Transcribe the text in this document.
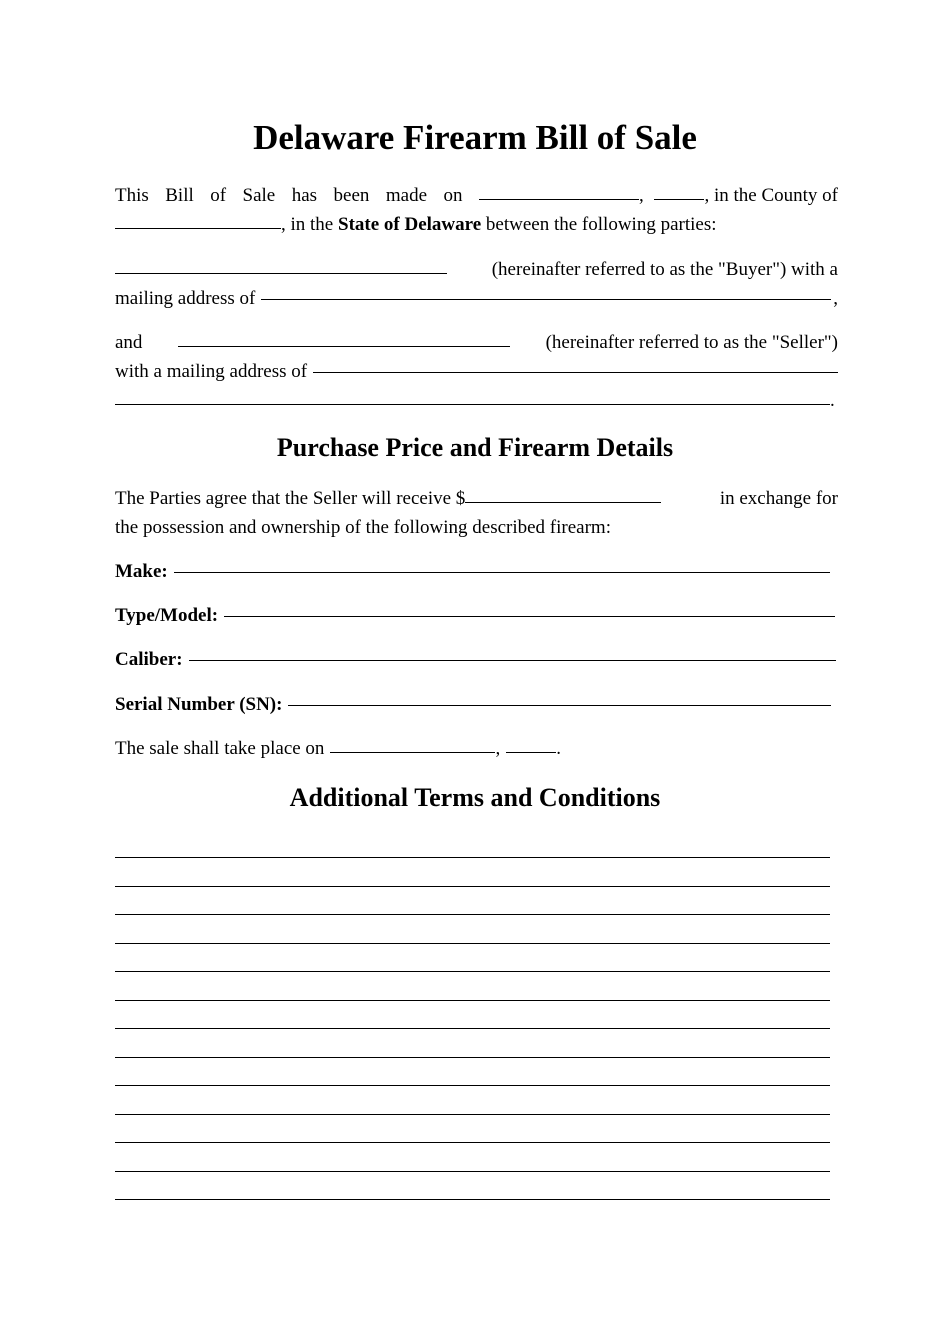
Delaware Firearm Bill of Sale
This Bill of Sale has been made on	,	, in the County of
, in the State of Delaware between the following parties:
(hereinafter referred to as the "Buyer") with a
mailing address of	,
and	(hereinafter referred to as the "Seller")
with a mailing address of
.
Purchase Price and Firearm Details
The Parties agree that the Seller will receive $	in exchange for
the possession and ownership of the following described firearm:
Make:
Type/Model:
Caliber:
Serial Number (SN):
The sale shall take place on	,	.
Additional Terms and Conditions
